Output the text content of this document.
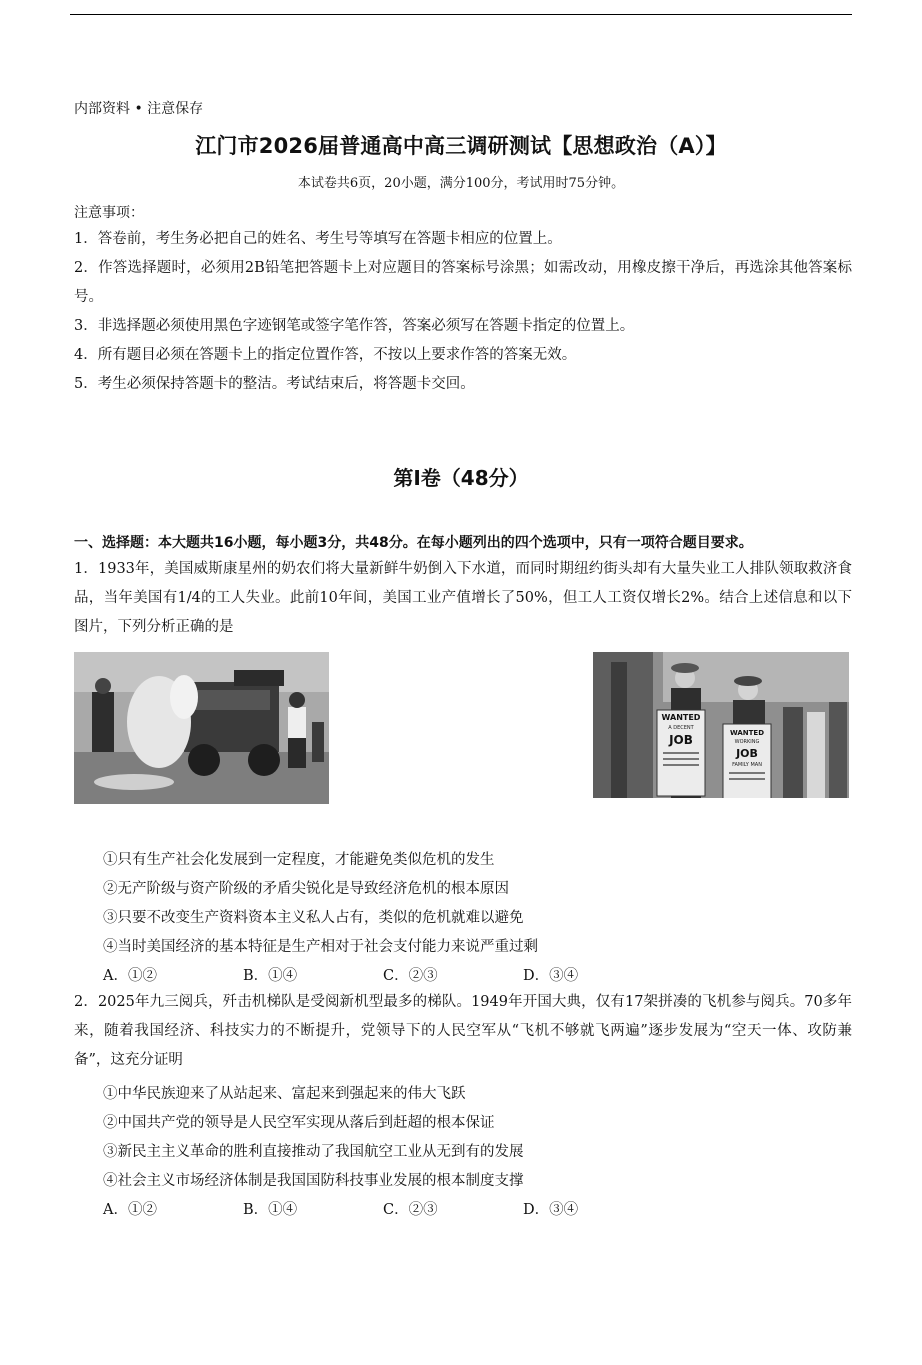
内部资料 • 注意保存
江门市2026届普通高中高三调研测试【思想政治（A）】
本试卷共6页，20小题，满分100分，考试用时75分钟。
注意事项：
1．答卷前，考生务必把自己的姓名、考生号等填写在答题卡相应的位置上。
2．作答选择题时，必须用2B铅笔把答题卡上对应题目的答案标号涂黑；如需改动，用橡皮擦干净后，再选涂其他答案标号。
3．非选择题必须使用黑色字迹钢笔或签字笔作答，答案必须写在答题卡指定的位置上。
4．所有题目必须在答题卡上的指定位置作答，不按以上要求作答的答案无效。
5．考生必须保持答题卡的整洁。考试结束后，将答题卡交回。
第Ⅰ卷（48分）
一、选择题：本大题共16小题，每小题3分，共48分。在每小题列出的四个选项中，只有一项符合题目要求。
1．1933年，美国威斯康星州的奶农们将大量新鲜牛奶倒入下水道，而同时期纽约街头却有大量失业工人排队领取救济食品，当年美国有1/4的工人失业。此前10年间，美国工业产值增长了50%，但工人工资仅增长2%。结合上述信息和以下图片，下列分析正确的是
WANTED
A DECENT
JOB	WANTED
WORKING
JOB
FAMILY MAN
①只有生产社会化发展到一定程度，才能避免类似危机的发生
②无产阶级与资产阶级的矛盾尖锐化是导致经济危机的根本原因
③只要不改变生产资料资本主义私人占有，类似的危机就难以避免
④当时美国经济的基本特征是生产相对于社会支付能力来说严重过剩
A．①②	B．①④	C．②③	D．③④
2．2025年九三阅兵，歼击机梯队是受阅新机型最多的梯队。1949年开国大典，仅有17架拼凑的飞机参与阅兵。70多年来，随着我国经济、科技实力的不断提升，党领导下的人民空军从“飞机不够就飞两遍”逐步发展为“空天一体、攻防兼备”，这充分证明
①中华民族迎来了从站起来、富起来到强起来的伟大飞跃
②中国共产党的领导是人民空军实现从落后到赶超的根本保证
③新民主主义革命的胜利直接推动了我国航空工业从无到有的发展
④社会主义市场经济体制是我国国防科技事业发展的根本制度支撑
A．①②	B．①④	C．②③	D．③④
